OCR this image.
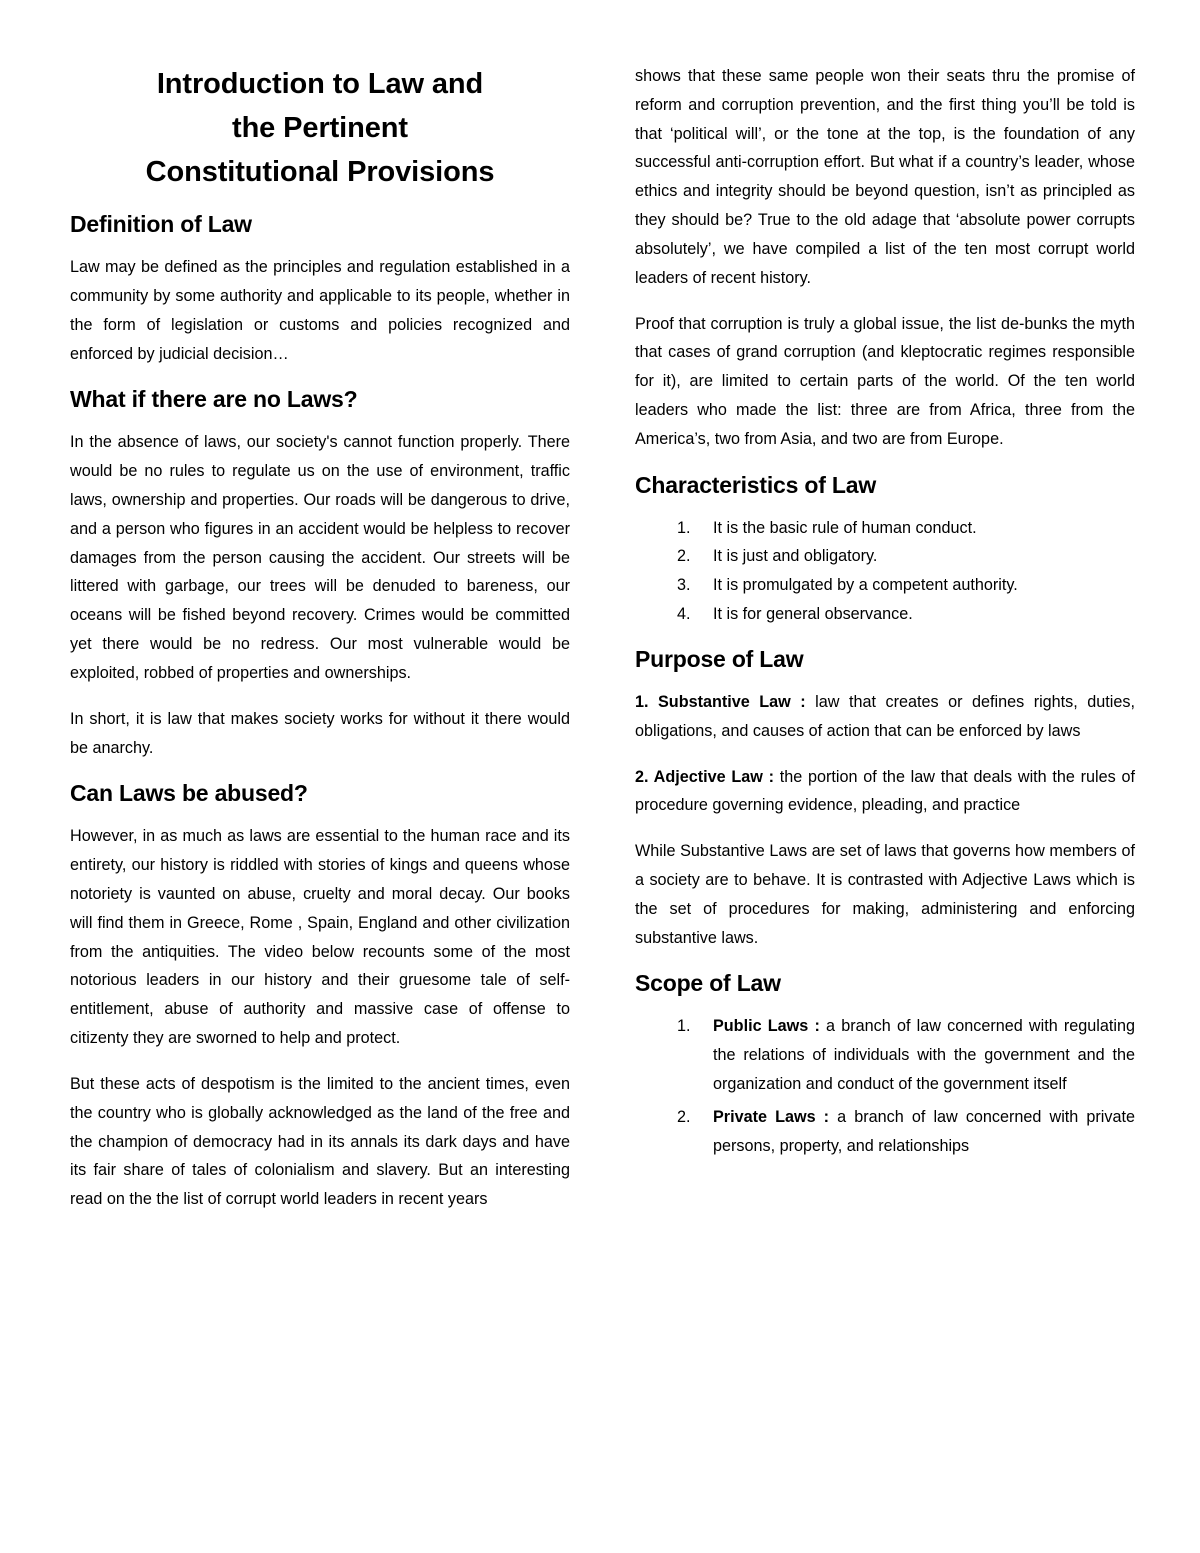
Introduction to Law and
the Pertinent
Constitutional Provisions
Definition of Law

Law may be defined as the principles and regulation established in a community by some authority and applicable to its people, whether in the form of legislation or customs and policies recognized and enforced by judicial decision…

What if there are no Laws?

In the absence of laws, our society's cannot function properly. There would be no rules to regulate us on the use of environment, traffic laws, ownership and properties. Our roads will be dangerous to drive, and a person who figures in an accident would be helpless to recover damages from the person causing the accident. Our streets will be littered with garbage, our trees will be denuded to bareness, our oceans will be fished beyond recovery. Crimes would be committed yet there would be no redress. Our most vulnerable would be exploited, robbed of properties and ownerships.

In short, it is law that makes society works for without it there would be anarchy.

Can Laws be abused?

However, in as much as laws are essential to the human race and its entirety, our history is riddled with stories of kings and queens whose notoriety is vaunted on abuse, cruelty and moral decay. Our books will find them in Greece, Rome , Spain, England and other civilization from the antiquities. The video below recounts some of the most notorious leaders in our history and their gruesome tale of self-entitlement, abuse of authority and massive case of offense to citizenty they are sworned to help and protect.

But these acts of despotism is the limited to the ancient times, even the country who is globally acknowledged as the land of the free and the champion of democracy had in its annals its dark days and have its fair share of tales of colonialism and slavery. But an interesting read on the the list of corrupt world leaders in recent years

shows that these same people won their seats thru the promise of reform and corruption prevention, and the first thing you’ll be told is that ‘political will’, or the tone at the top, is the foundation of any successful anti-corruption effort. But what if a country’s leader, whose ethics and integrity should be beyond question, isn’t as principled as they should be? True to the old adage that ‘absolute power corrupts absolutely’, we have compiled a list of the ten most corrupt world leaders of recent history.

Proof that corruption is truly a global issue, the list de-bunks the myth that cases of grand corruption (and kleptocratic regimes responsible for it), are limited to certain parts of the world. Of the ten world leaders who made the list: three are from Africa, three from the America’s, two from Asia, and two are from Europe.

Characteristics of Law
It is the basic rule of human conduct.
It is just and obligatory.
It is promulgated by a competent authority.
It is for general observance.
Purpose of Law

1. Substantive Law : law that creates or defines rights, duties, obligations, and causes of action that can be enforced by laws

2. Adjective Law : the portion of the law that deals with the rules of procedure governing evidence, pleading, and practice

While Substantive Laws are set of laws that governs how members of a society are to behave. It is contrasted with Adjective Laws which is the set of procedures for making, administering and enforcing substantive laws.

Scope of Law
Public Laws : a branch of law concerned with regulating the relations of individuals with the government and the organization and conduct of the government itself
Private Laws : a branch of law concerned with private persons, property, and relationships
